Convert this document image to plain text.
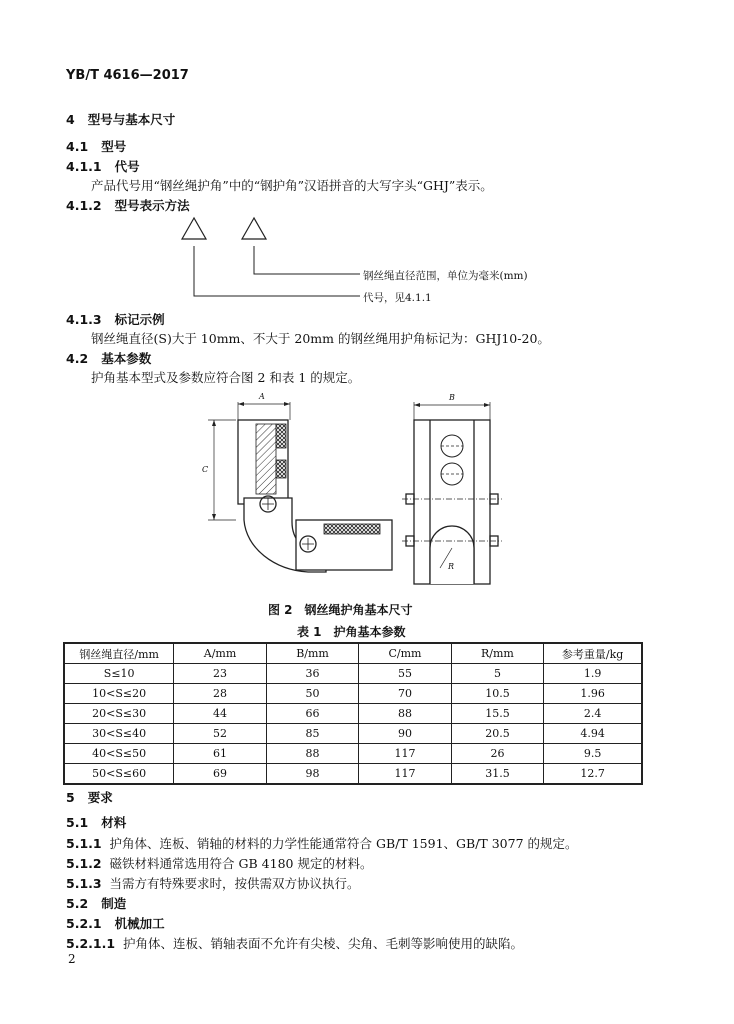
YB/T 4616—2017
4 型号与基本尺寸
4.1 型号
4.1.1 代号
产品代号用“钢丝绳护角”中的“钢护角”汉语拼音的大写字头“GHJ”表示。
4.1.2 型号表示方法
钢丝绳直径范围，单位为毫米(mm)
代号，见4.1.1
4.1.3 标记示例
钢丝绳直径(S)大于 10mm、不大于 20mm 的钢丝绳用护角标记为：GHJ10-20。
4.2 基本参数
护角基本型式及参数应符合图 2 和表 1 的规定。
A	B
C
R
图 2　钢丝绳护角基本尺寸
表 1　护角基本参数
钢丝绳直径/mm	A/mm	B/mm	C/mm	R/mm	参考重量/kg
S≤10	23	36	55	5	1.9
10<S≤20	28	50	70	10.5	1.96
20<S≤30	44	66	88	15.5	2.4
30<S≤40	52	85	90	20.5	4.94
40<S≤50	61	88	117	26	9.5
50<S≤60	69	98	117	31.5	12.7
5 要求
5.1 材料
5.1.1 护角体、连板、销轴的材料的力学性能通常符合 GB/T 1591、GB/T 3077 的规定。
5.1.2 磁铁材料通常选用符合 GB 4180 规定的材料。
5.1.3 当需方有特殊要求时，按供需双方协议执行。
5.2 制造
5.2.1 机械加工
5.2.1.1 护角体、连板、销轴表面不允许有尖棱、尖角、毛刺等影响使用的缺陷。
2
